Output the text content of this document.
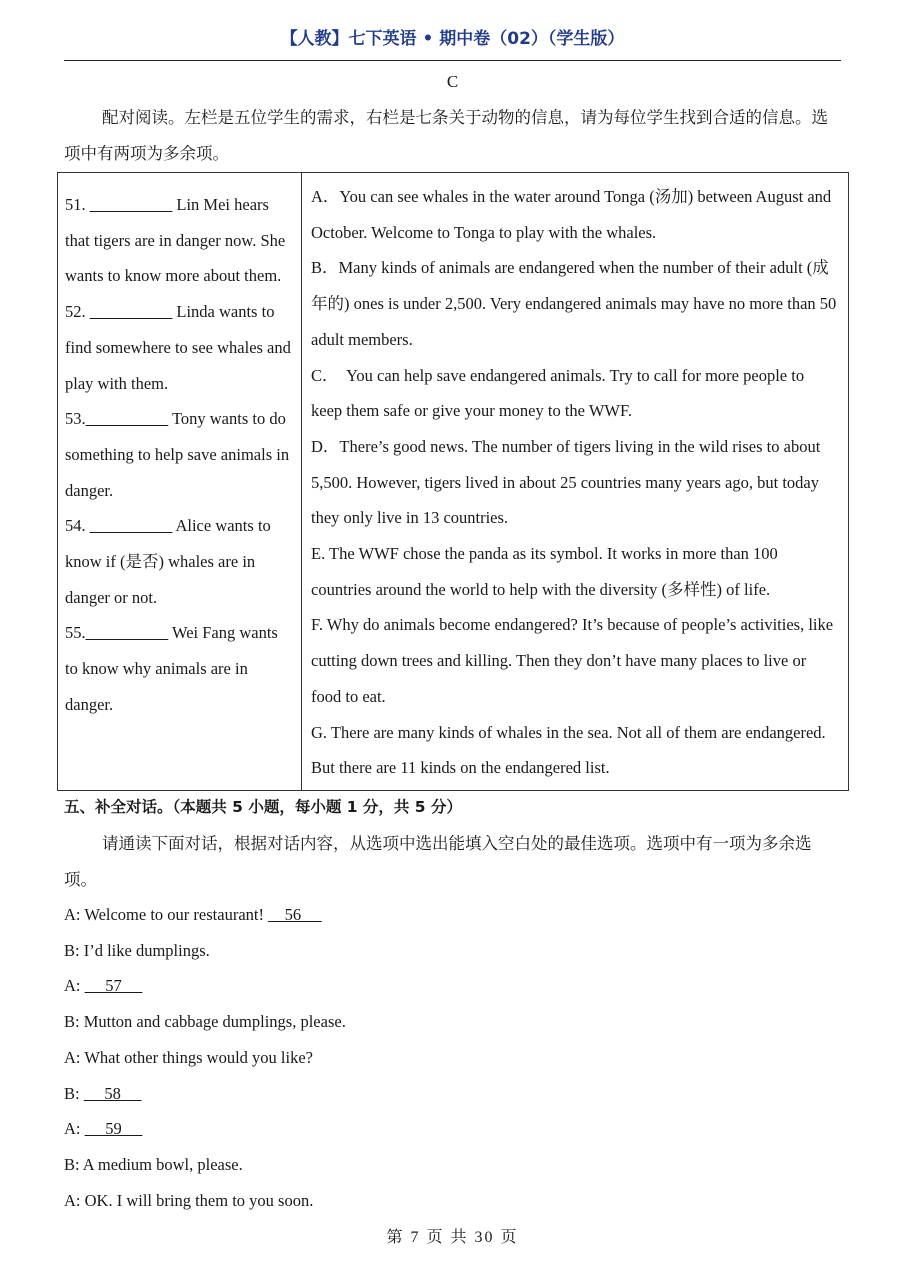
【人教】七下英语 • 期中卷（02）（学生版）
C
配对阅读。左栏是五位学生的需求，右栏是七条关于动物的信息，请为每位学生找到合适的信息。选项中有两项为多余项。
51. __________ Lin Mei hears that tigers are in danger now. She wants to know more about them.
52. __________ Linda wants to find somewhere to see whales and play with them.
53.__________ Tony wants to do something to help save animals in danger.
54. __________ Alice wants to know if (是否) whales are in danger or not.
55.__________ Wei Fang wants to know why animals are in danger.

A．You can see whales in the water around Tonga (汤加) between August and October. Welcome to Tonga to play with the whales.
B．Many kinds of animals are endangered when the number of their adult (成年的) ones is under 2,500. Very endangered animals may have no more than 50 adult members.
C．  You can help save endangered animals. Try to call for more people to keep them safe or give your money to the WWF.
D．There’s good news. The number of tigers living in the wild rises to about 5,500. However, tigers lived in about 25 countries many years ago, but today they only live in 13 countries.
E. The WWF chose the panda as its symbol. It works in more than 100 countries around the world to help with the diversity (多样性) of life.
F. Why do animals become endangered? It’s because of people’s activities, like cutting down trees and killing. Then they don’t have many places to live or food to eat.
G. There are many kinds of whales in the sea. Not all of them are endangered. But there are 11 kinds on the endangered list.
五、补全对话。（本题共 5 小题，每小题 1 分，共 5 分）
请通读下面对话，根据对话内容，从选项中选出能填入空白处的最佳选项。选项中有一项为多余选项。
A: Welcome to our restaurant!     56
B: I’d like dumplings.
A:      57
B: Mutton and cabbage dumplings, please.
A: What other things would you like?
B:      58
A:      59
B: A medium bowl, please.
A: OK. I will bring them to you soon.
第 7 页 共 30 页
